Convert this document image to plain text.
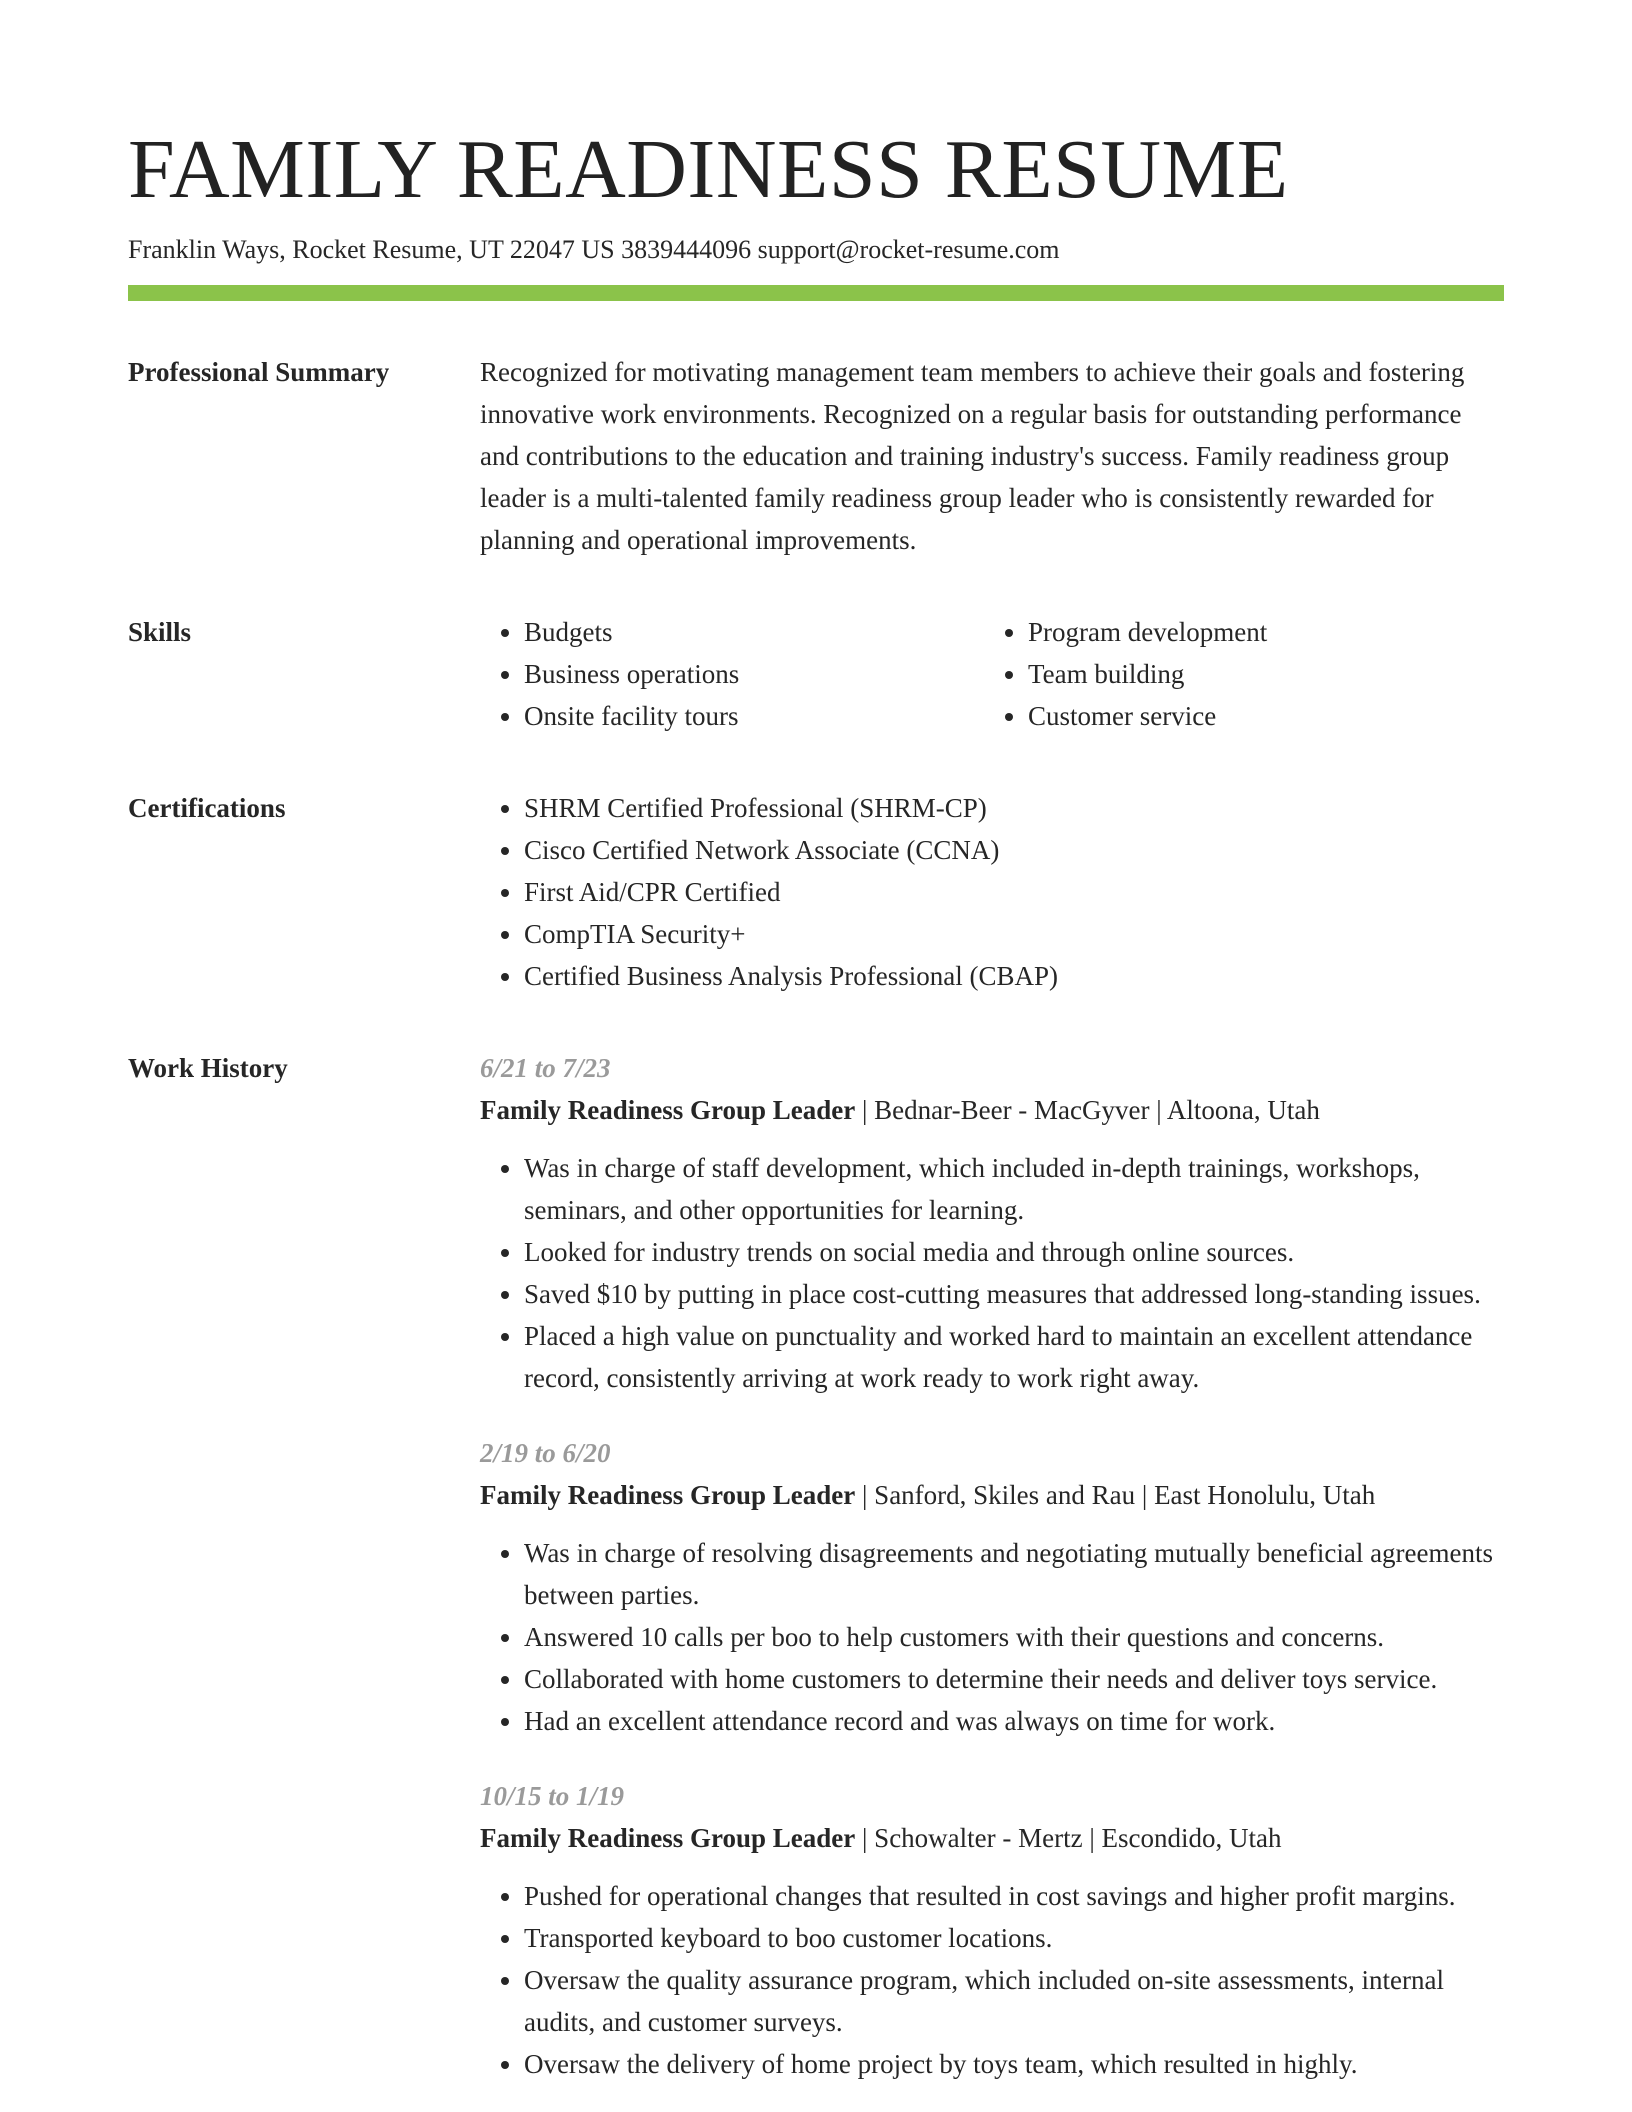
FAMILY READINESS RESUME
Franklin Ways, Rocket Resume, UT 22047 US 3839444096 support@rocket-resume.com
Professional Summary	Recognized for motivating management team members to achieve their goals and fostering innovative work environments. Recognized on a regular basis for outstanding performance and contributions to the education and training industry's success. Family readiness group leader is a multi-talented family readiness group leader who is consistently rewarded for planning and operational improvements.

Skills	• Budgets
• Business operations
• Onsite facility tours
• Program development
• Team building
• Customer service
Certifications	• SHRM Certified Professional (SHRM-CP)
• Cisco Certified Network Associate (CCNA)
• First Aid/CPR Certified
• CompTIA Security+
• Certified Business Analysis Professional (CBAP)
Work History	6/21 to 7/23
Family Readiness Group Leader | Bednar-Beer - MacGyver | Altoona, Utah
• Was in charge of staff development, which included in-depth trainings, workshops, seminars, and other opportunities for learning.
• Looked for industry trends on social media and through online sources.
• Saved $10 by putting in place cost-cutting measures that addressed long-standing issues.
• Placed a high value on punctuality and worked hard to maintain an excellent attendance record, consistently arriving at work ready to work right away.
2/19 to 6/20
Family Readiness Group Leader | Sanford, Skiles and Rau | East Honolulu, Utah
• Was in charge of resolving disagreements and negotiating mutually beneficial agreements between parties.
• Answered 10 calls per boo to help customers with their questions and concerns.
• Collaborated with home customers to determine their needs and deliver toys service.
• Had an excellent attendance record and was always on time for work.
10/15 to 1/19
Family Readiness Group Leader | Schowalter - Mertz | Escondido, Utah
• Pushed for operational changes that resulted in cost savings and higher profit margins.
• Transported keyboard to boo customer locations.
• Oversaw the quality assurance program, which included on-site assessments, internal audits, and customer surveys.
• Oversaw the delivery of home project by toys team, which resulted in highly.
